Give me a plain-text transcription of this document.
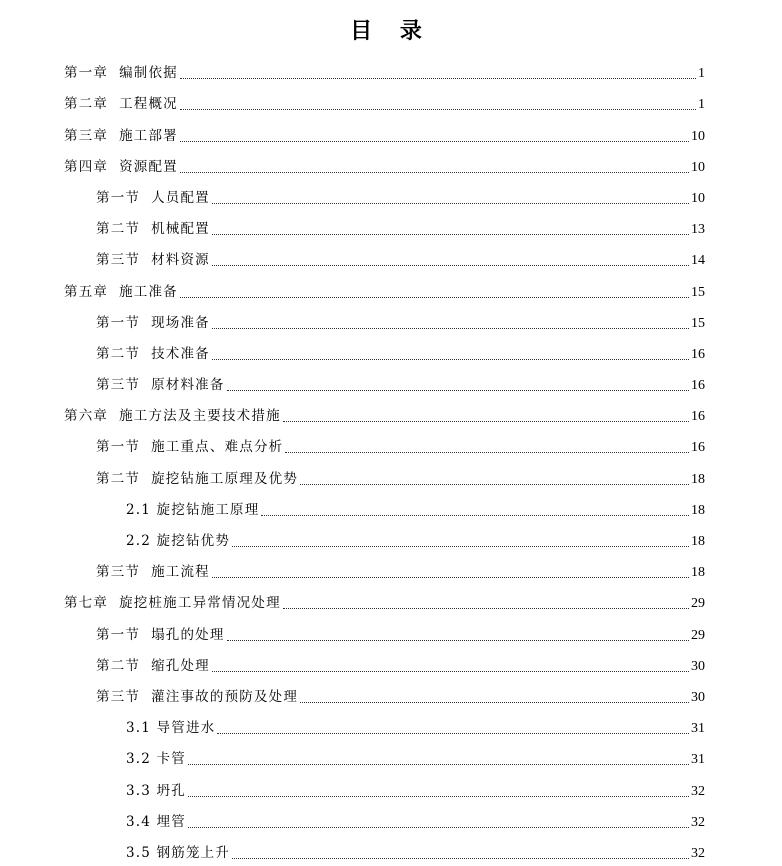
目 录
第一章  编制依据	1
第二章  工程概况	1
第三章  施工部署	10
第四章  资源配置	10
第一节  人员配置	10
第二节  机械配置	13
第三节  材料资源	14
第五章  施工准备	15
第一节  现场准备	15
第二节  技术准备	16
第三节  原材料准备	16
第六章  施工方法及主要技术措施	16
第一节  施工重点、难点分析	16
第二节  旋挖钻施工原理及优势	18
2.1 旋挖钻施工原理	18
2.2 旋挖钻优势	18
第三节  施工流程	18
第七章  旋挖桩施工异常情况处理	29
第一节  塌孔的处理	29
第二节  缩孔处理	30
第三节  灌注事故的预防及处理	30
3.1 导管进水	31
3.2 卡管	31
3.3 坍孔	32
3.4 埋管	32
3.5 钢筋笼上升	32
